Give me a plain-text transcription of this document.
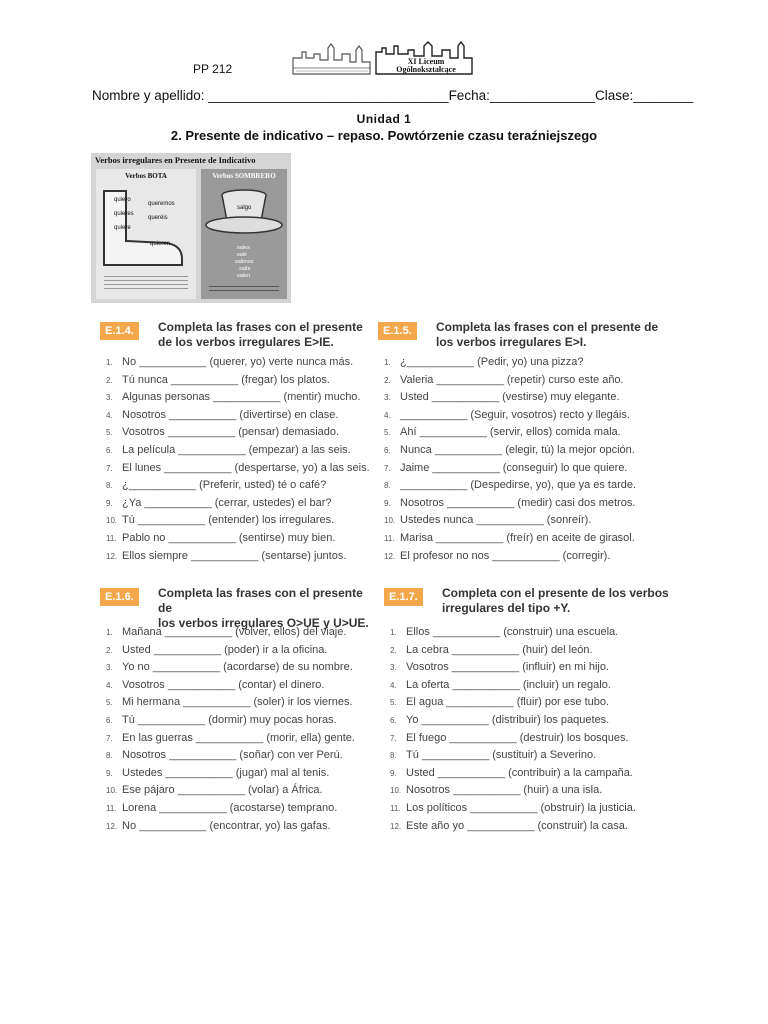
PP 212
XI Liceum Ogólnokształcące
Nombre y apellido: ________________________________Fecha:______________Clase:________
Unidad 1
2. Presente de indicativo – repaso. Powtórzenie czasu teraźniejszego
Verbos irregulares en Presente de Indicativo
Verbos BOTA
quiero
quieres
quiere
queremos
queréis
quieren
Verbos SOMBRERO
salgo
sales
sale
salimos
salís
salen
E.1.4.	Completa las frases con el presente
de los verbos irregulares E>IE.
1. No ___________ (querer, yo) verte nunca más.
2. Tú nunca ___________ (fregar) los platos.
3. Algunas personas ___________ (mentir) mucho.
4. Nosotros ___________ (divertirse) en clase.
5. Vosotros ___________ (pensar) demasiado.
6. La película ___________ (empezar) a las seis.
7. El lunes ___________ (despertarse, yo) a las seis.
8. ¿___________ (Preferir, usted) té o café?
9. ¿Ya ___________ (cerrar, ustedes) el bar?
10. Tú ___________ (entender) los irregulares.
11. Pablo no ___________ (sentirse) muy bien.
12. Ellos siempre ___________ (sentarse) juntos.
E.1.5.	Completa las frases con el presente de
los verbos irregulares E>I.
1. ¿___________ (Pedir, yo) una pizza?
2. Valeria ___________ (repetir) curso este año.
3. Usted ___________ (vestirse) muy elegante.
4. ___________ (Seguir, vosotros) recto y llegáis.
5. Ahí ___________ (servir, ellos) comida mala.
6. Nunca ___________ (elegir, tú) la mejor opción.
7. Jaime ___________ (conseguir) lo que quiere.
8. ___________ (Despedirse, yo), que ya es tarde.
9. Nosotros ___________ (medir) casi dos metros.
10. Ustedes nunca ___________ (sonreír).
11. Marisa ___________ (freír) en aceite de girasol.
12. El profesor no nos ___________ (corregir).
E.1.6.	Completa las frases con el presente de
los verbos irregulares O>UE y U>UE.
1. Mañana ___________ (volver, ellos) del viaje.
2. Usted ___________ (poder) ir a la oficina.
3. Yo no ___________ (acordarse) de su nombre.
4. Vosotros ___________ (contar) el dinero.
5. Mi hermana ___________ (soler) ir los viernes.
6. Tú ___________ (dormir) muy pocas horas.
7. En las guerras ___________ (morir, ella) gente.
8. Nosotros ___________ (soñar) con ver Perú.
9. Ustedes ___________ (jugar) mal al tenis.
10. Ese pájaro ___________ (volar) a África.
11. Lorena ___________ (acostarse) temprano.
12. No ___________ (encontrar, yo) las gafas.
E.1.7.	Completa con el presente de los verbos
irregulares del tipo +Y.
1. Ellos ___________ (construir) una escuela.
2. La cebra ___________ (huir) del león.
3. Vosotros ___________ (influir) en mi hijo.
4. La oferta ___________ (incluir) un regalo.
5. El agua ___________ (fluir) por ese tubo.
6. Yo ___________ (distribuir) los paquetes.
7. El fuego ___________ (destruir) los bosques.
8. Tú ___________ (sustituir) a Severino.
9. Usted ___________ (contribuir) a la campaña.
10. Nosotros ___________ (huir) a una isla.
11. Los políticos ___________ (obstruir) la justicia.
12. Este año yo ___________ (construir) la casa.
